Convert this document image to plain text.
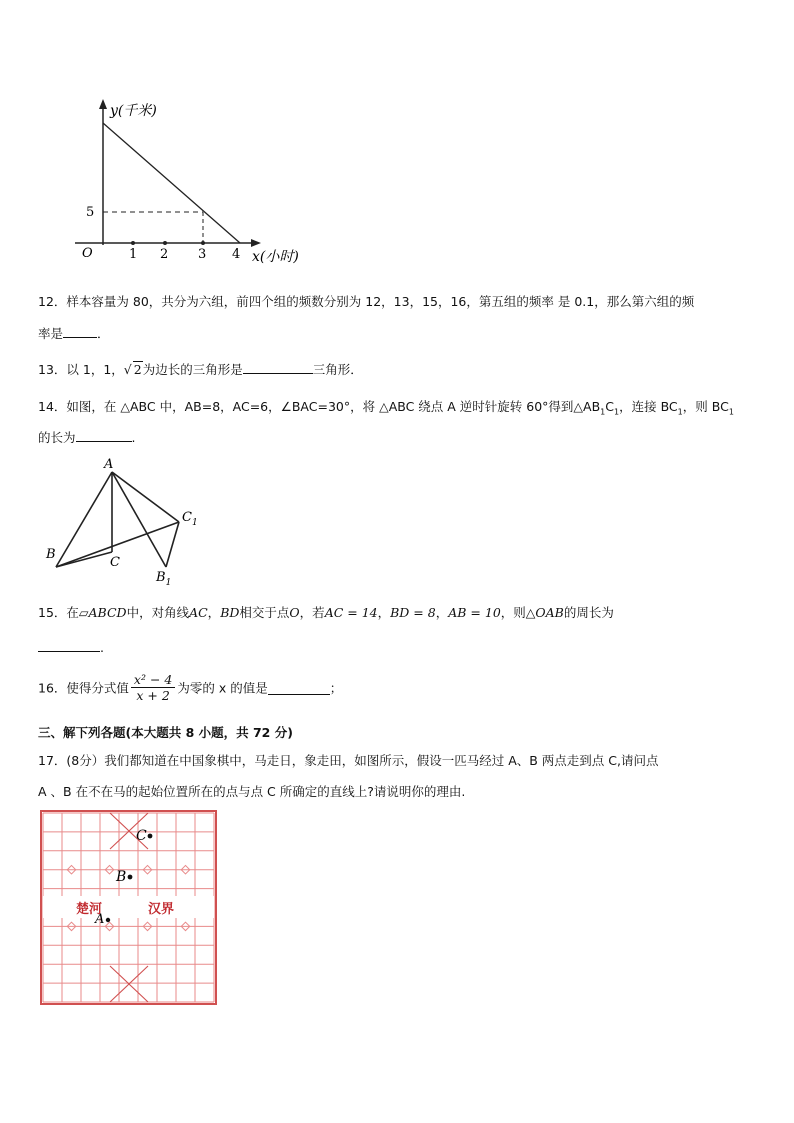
y(千米)
x(小时)
O
5
1 2 3 4
12．样本容量为 80，共分为六组，前四个组的频数分别为 12，13，15，16，第五组的频率 是 0.1，那么第六组的频
率是	．
13．以 1，1，√ 2为边长的三角形是	三角形．
14．如图，在 △ABC 中，AB=8，AC=6，∠BAC=30°，将 △ABC 绕点 A 逆时针旋转 60°得到$\triangle AB_1C_1$，连接 $BC_1$，则 $BC_1$
的长为	.
A
B
C
$C_1$
$B_1$
15．在▱ABCD中，对角线AC，BD相交于点O，若AC = 14，BD = 8，AB = 10，则△OAB的周长为
.
16．使得分式值 $\frac{\text{x² − 4}}{x + 2}$ 为零的 x 的值是	；
三、解下列各题(本大题共 8 小题，共 72 分)
17．(8分）我们都知道在中国象棋中，马走日，象走田，如图所示，假设一匹马经过 A、B 两点走到点 C,请问点
A 、B 在不在马的起始位置所在的点与点 C 所确定的直线上?请说明你的理由.
楚河	汉界
C
B
A
